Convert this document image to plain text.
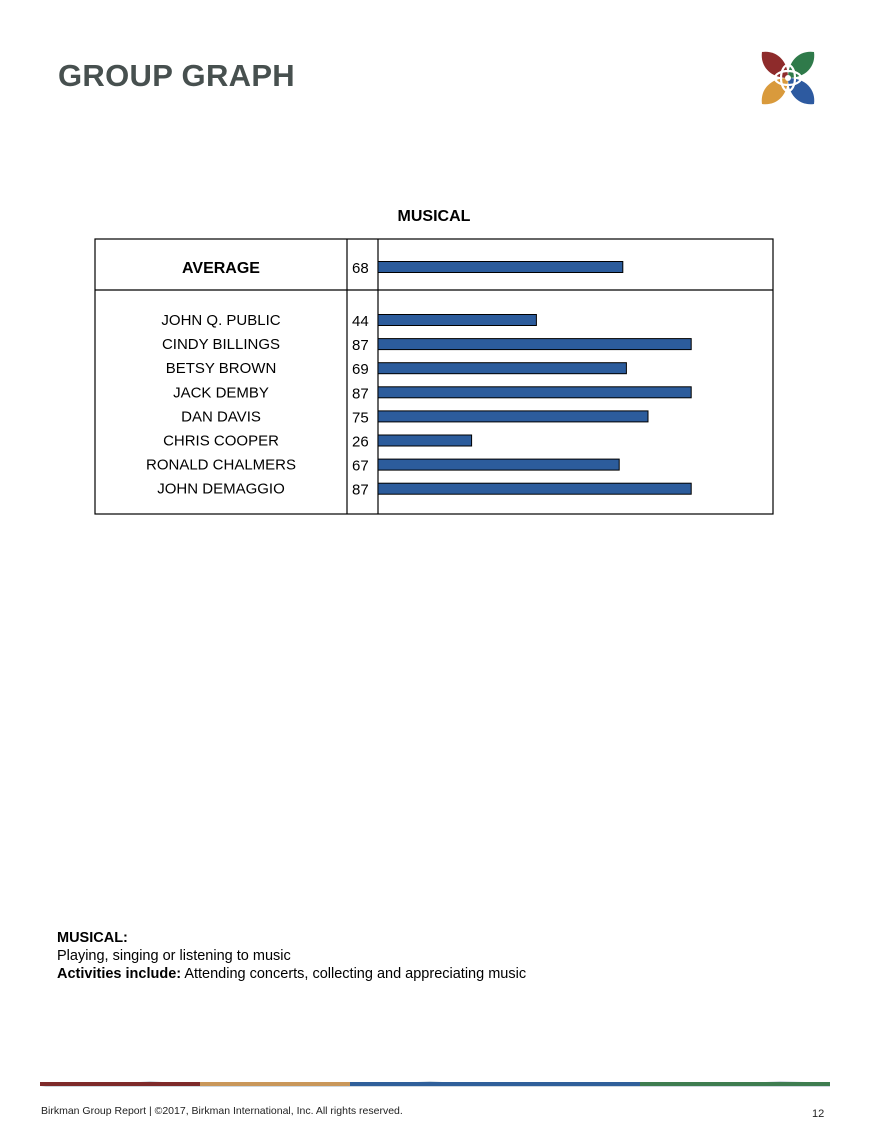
GROUP GRAPH
MUSICAL
AVERAGE	68
JOHN Q. PUBLIC	44
CINDY BILLINGS	87
BETSY BROWN	69
JACK DEMBY	87
DAN DAVIS	75
CHRIS COOPER	26
RONALD CHALMERS	67
JOHN DEMAGGIO	87
MUSICAL:
Playing, singing or listening to music
Activities include: Attending concerts, collecting and appreciating music
Birkman Group Report | ©2017, Birkman International, Inc. All rights reserved.	12
